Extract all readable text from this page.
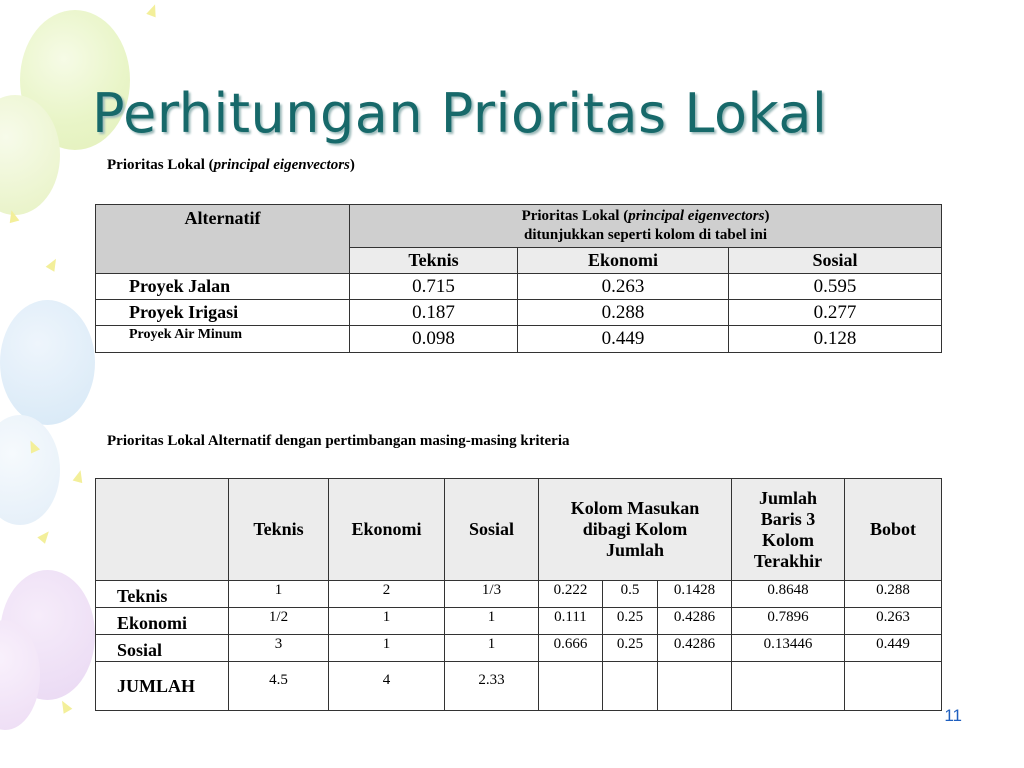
Perhitungan Prioritas Lokal
Prioritas Lokal (principal eigenvectors)
Alternatif	Prioritas Lokal (principal eigenvectors)
ditunjukkan seperti kolom di tabel ini		
	Teknis	Ekonomi	Sosial
Proyek Jalan	0.715	0.263	0.595
Proyek Irigasi	0.187	0.288	0.277
Proyek Air Minum	0.098	0.449	0.128
Prioritas Lokal Alternatif dengan pertimbangan masing-masing kriteria
	Teknis	Ekonomi	Sosial	Kolom Masukan dibagi Kolom Jumlah			Jumlah Baris 3 Kolom Terakhir	Bobot
Teknis	1	2	1/3	0.222	0.5	0.1428	0.8648	0.288
Ekonomi	1/2	1	1	0.111	0.25	0.4286	0.7896	0.263
Sosial	3	1	1	0.666	0.25	0.4286	0.13446	0.449
JUMLAH	4.5	4	2.33					
11
